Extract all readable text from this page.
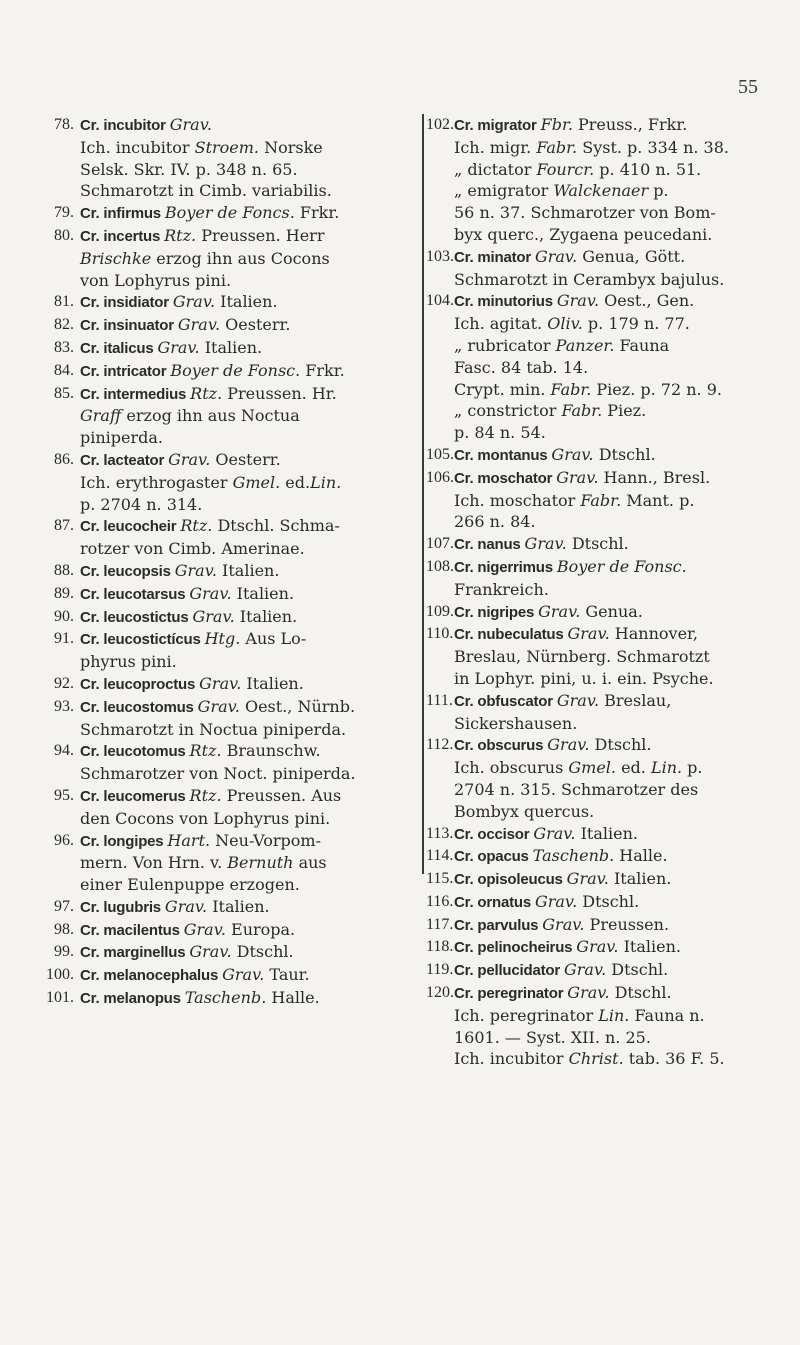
55
78. Cr. incubitor Grav.
Ich. incubitor Stroem. Norske
Selsk. Skr. IV. p. 348 n. 65.
Schmarotzt in Cimb. variabilis.
79. Cr. infirmus Boyer de Foncs. Frkr.
80. Cr. incertus Rtz. Preussen. Herr
Brischke erzog ihn aus Cocons
von Lophyrus pini.
81. Cr. insidiator Grav. Italien.
82. Cr. insinuator Grav. Oesterr.
83. Cr. italicus Grav. Italien.
84. Cr. intricator Boyer de Fonsc. Frkr.
85. Cr. intermedius Rtz. Preussen. Hr.
Graff erzog ihn aus Noctua
piniperda.
86. Cr. lacteator Grav. Oesterr.
Ich. erythrogaster Gmel. ed.Lin.
p. 2704 n. 314.
87. Cr. leucocheir Rtz. Dtschl. Schma-
rotzer von Cimb. Amerinae.
88. Cr. leucopsis Grav. Italien.
89. Cr. leucotarsus Grav. Italien.
90. Cr. leucostictus Grav. Italien.
91. Cr. leucostictícus Htg. Aus Lo-
phyrus pini.
92. Cr. leucoproctus Grav. Italien.
93. Cr. leucostomus Grav. Oest., Nürnb.
Schmarotzt in Noctua piniperda.
94. Cr. leucotomus Rtz. Braunschw.
Schmarotzer von Noct. piniperda.
95. Cr. leucomerus Rtz. Preussen. Aus
den Cocons von Lophyrus pini.
96. Cr. longipes Hart. Neu-Vorpom-
mern. Von Hrn. v. Bernuth aus
einer Eulenpuppe erzogen.
97. Cr. lugubris Grav. Italien.
98. Cr. macilentus Grav. Europa.
99. Cr. marginellus Grav. Dtschl.
100. Cr. melanocephalus Grav. Taur.
101. Cr. melanopus Taschenb. Halle.
102. Cr. migrator Fbr. Preuss., Frkr.
Ich. migr. Fabr. Syst. p. 334 n. 38.
„ dictator Fourcr. p. 410 n. 51.
„ emigrator Walckenaer p.
56 n. 37. Schmarotzer von Bom-
byx querc., Zygaena peucedani.
103. Cr. minator Grav. Genua, Gött.
Schmarotzt in Cerambyx bajulus.
104. Cr. minutorius Grav. Oest., Gen.
Ich. agitat. Oliv. p. 179 n. 77.
„ rubricator Panzer. Fauna
Fasc. 84 tab. 14.
Crypt. min. Fabr. Piez. p. 72 n. 9.
„ constrictor Fabr. Piez.
p. 84 n. 54.
105. Cr. montanus Grav. Dtschl.
106. Cr. moschator Grav. Hann., Bresl.
Ich. moschator Fabr. Mant. p.
266 n. 84.
107. Cr. nanus Grav. Dtschl.
108. Cr. nigerrimus Boyer de Fonsc.
Frankreich.
109. Cr. nigripes Grav. Genua.
110. Cr. nubeculatus Grav. Hannover,
Breslau, Nürnberg. Schmarotzt
in Lophyr. pini, u. i. ein. Psyche.
111. Cr. obfuscator Grav. Breslau,
Sickershausen.
112. Cr. obscurus Grav. Dtschl.
Ich. obscurus Gmel. ed. Lin. p.
2704 n. 315. Schmarotzer des
Bombyx quercus.
113. Cr. occisor Grav. Italien.
114. Cr. opacus Taschenb. Halle.
115. Cr. opisoleucus Grav. Italien.
116. Cr. ornatus Grav. Dtschl.
117. Cr. parvulus Grav. Preussen.
118. Cr. pelinocheirus Grav. Italien.
119. Cr. pellucidator Grav. Dtschl.
120. Cr. peregrinator Grav. Dtschl.
Ich. peregrinator Lin. Fauna n.
1601. — Syst. XII. n. 25.
Ich. incubitor Christ. tab. 36 F. 5.
